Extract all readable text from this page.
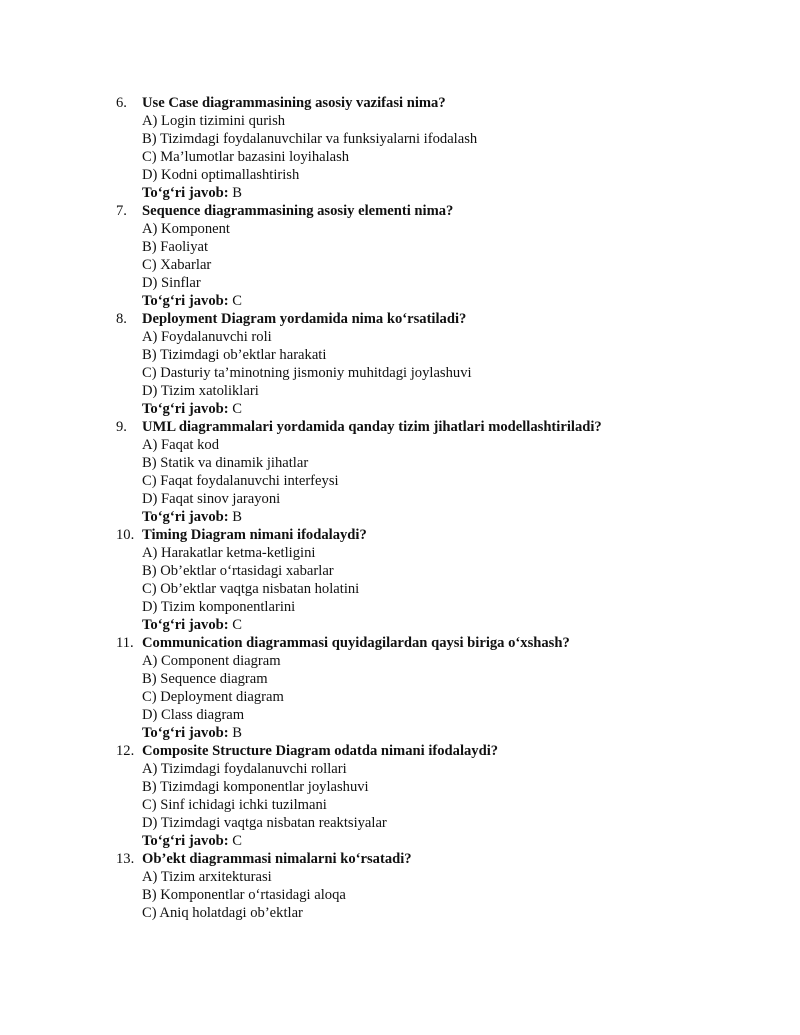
6.	Use Case diagrammasining asosiy vazifasi nima?
A) Login tizimini qurish
B) Tizimdagi foydalanuvchilar va funksiyalarni ifodalash
C) Ma’lumotlar bazasini loyihalash
D) Kodni optimallashtirish
To‘g‘ri javob: B
7.	Sequence diagrammasining asosiy elementi nima?
A) Komponent
B) Faoliyat
C) Xabarlar
D) Sinflar
To‘g‘ri javob: C
8.	Deployment Diagram yordamida nima ko‘rsatiladi?
A) Foydalanuvchi roli
B) Tizimdagi ob’ektlar harakati
C) Dasturiy ta’minotning jismoniy muhitdagi joylashuvi
D) Tizim xatoliklari
To‘g‘ri javob: C
9.	UML diagrammalari yordamida qanday tizim jihatlari modellashtiriladi?
A) Faqat kod
B) Statik va dinamik jihatlar
C) Faqat foydalanuvchi interfeysi
D) Faqat sinov jarayoni
To‘g‘ri javob: B
10. Timing Diagram nimani ifodalaydi?
A) Harakatlar ketma-ketligini
B) Ob’ektlar o‘rtasidagi xabarlar
C) Ob’ektlar vaqtga nisbatan holatini
D) Tizim komponentlarini
To‘g‘ri javob: C
11. Communication diagrammasi quyidagilardan qaysi biriga o‘xshash?
A) Component diagram
B) Sequence diagram
C) Deployment diagram
D) Class diagram
To‘g‘ri javob: B
12. Composite Structure Diagram odatda nimani ifodalaydi?
A) Tizimdagi foydalanuvchi rollari
B) Tizimdagi komponentlar joylashuvi
C) Sinf ichidagi ichki tuzilmani
D) Tizimdagi vaqtga nisbatan reaktsiyalar
To‘g‘ri javob: C
13. Ob’ekt diagrammasi nimalarni ko‘rsatadi?
A) Tizim arxitekturasi
B) Komponentlar o‘rtasidagi aloqa
C) Aniq holatdagi ob’ektlar
